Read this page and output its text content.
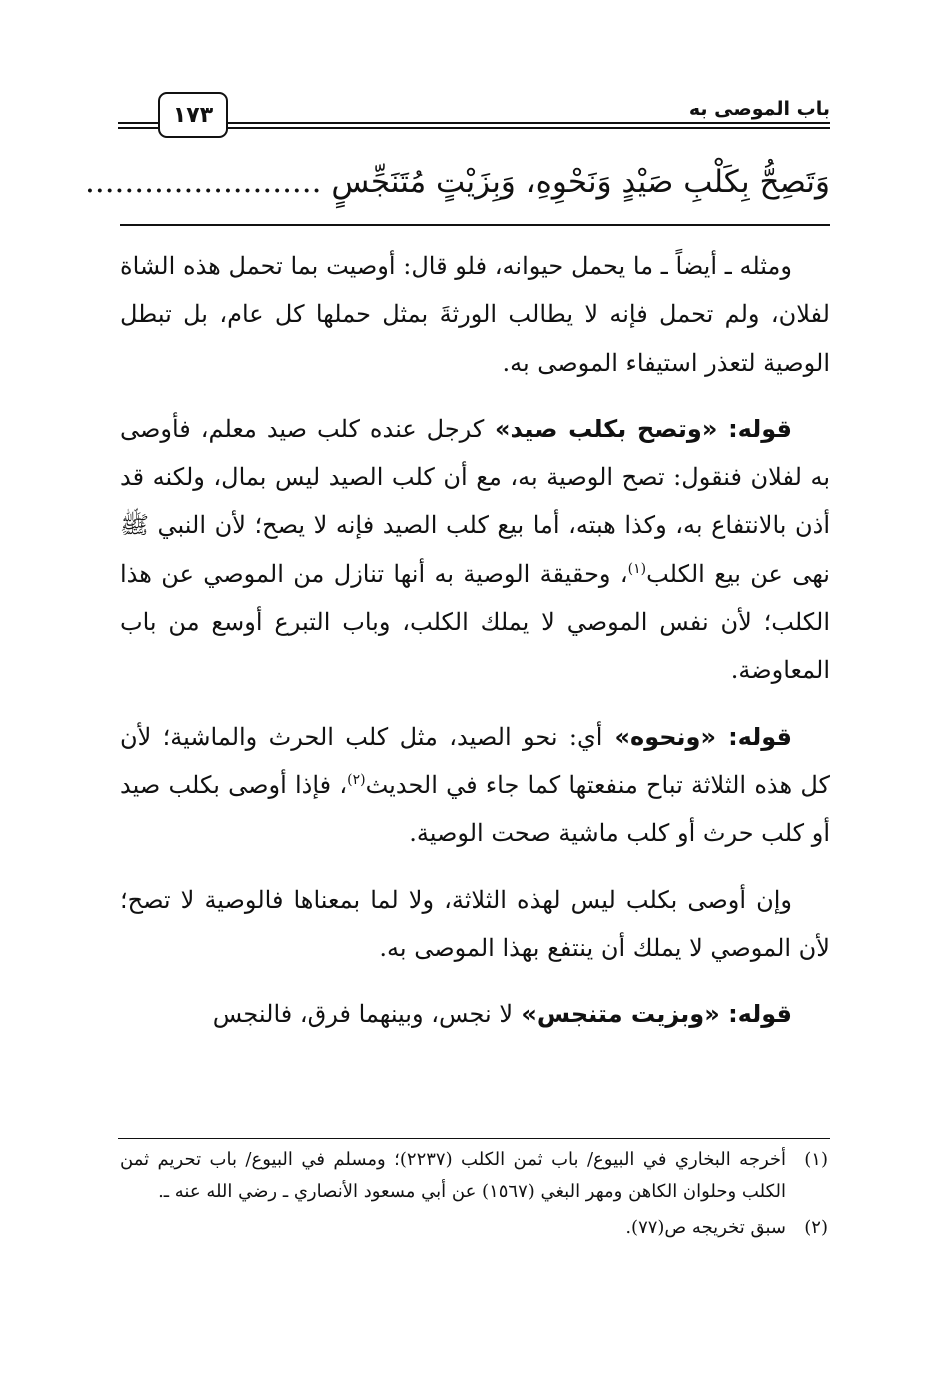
١٧٣	باب الموصى به
وَتَصِحُّ بِكَلْبِ صَيْدٍ وَنَحْوِهِ، وَبِزَيْتٍ مُتَنَجِّسٍ ........................

ومثله ـ أيضاً ـ ما يحمل حيوانه، فلو قال: أوصيت بما تحمل هذه الشاة لفلان، ولم تحمل فإنه لا يطالب الورثةَ بمثل حملها كل عام، بل تبطل الوصية لتعذر استيفاء الموصى به.

قوله: «وتصح بكلب صيد» كرجل عنده كلب صيد معلم، فأوصى به لفلان فنقول: تصح الوصية به، مع أن كلب الصيد ليس بمال، ولكنه قد أذن بالانتفاع به، وكذا هبته، أما بيع كلب الصيد فإنه لا يصح؛ لأن النبي ﷺ نهى عن بيع الكلب$^{(١)}$، وحقيقة الوصية به أنها تنازل من الموصي عن هذا الكلب؛ لأن نفس الموصي لا يملك الكلب، وباب التبرع أوسع من باب المعاوضة.

قوله: «ونحوه» أي: نحو الصيد، مثل كلب الحرث والماشية؛ لأن كل هذه الثلاثة تباح منفعتها كما جاء في الحديث$^{(٢)}$، فإذا أوصى بكلب صيد أو كلب حرث أو كلب ماشية صحت الوصية.

وإن أوصى بكلب ليس لهذه الثلاثة، ولا لما بمعناها فالوصية لا تصح؛ لأن الموصي لا يملك أن ينتفع بهذا الموصى به.

قوله: «وبزيت متنجس» لا نجس، وبينهما فرق، فالنجس

(١)
أخرجه البخاري في البيوع/ باب ثمن الكلب (٢٢٣٧)؛ ومسلم في البيوع/ باب تحريم ثمن الكلب وحلوان الكاهن ومهر البغي (١٥٦٧) عن أبي مسعود الأنصاري ـ رضي الله عنه ـ.
(٢)
سبق تخريجه ص(٧٧).
